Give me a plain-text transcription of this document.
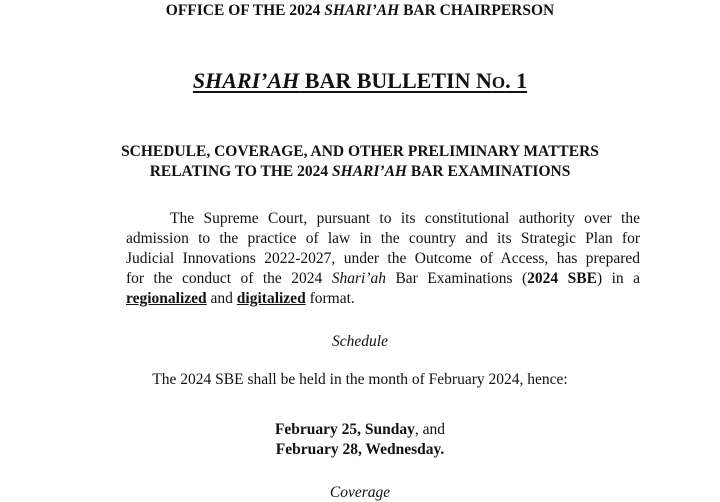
OFFICE OF THE 2024 SHARI’AH BAR CHAIRPERSON
SHARI’AH BAR BULLETIN NO. 1
SCHEDULE, COVERAGE, AND OTHER PRELIMINARY MATTERS
RELATING TO THE 2024 SHARI’AH BAR EXAMINATIONS
The Supreme Court, pursuant to its constitutional authority over the
admission to the practice of law in the country and its Strategic Plan for
Judicial Innovations 2022-2027, under the Outcome of Access, has prepared
for the conduct of the 2024 Shari’ah Bar Examinations (2024 SBE) in a
regionalized and digitalized format.
Schedule
The 2024 SBE shall be held in the month of February 2024, hence:
February 25, Sunday, and
February 28, Wednesday.
Coverage
